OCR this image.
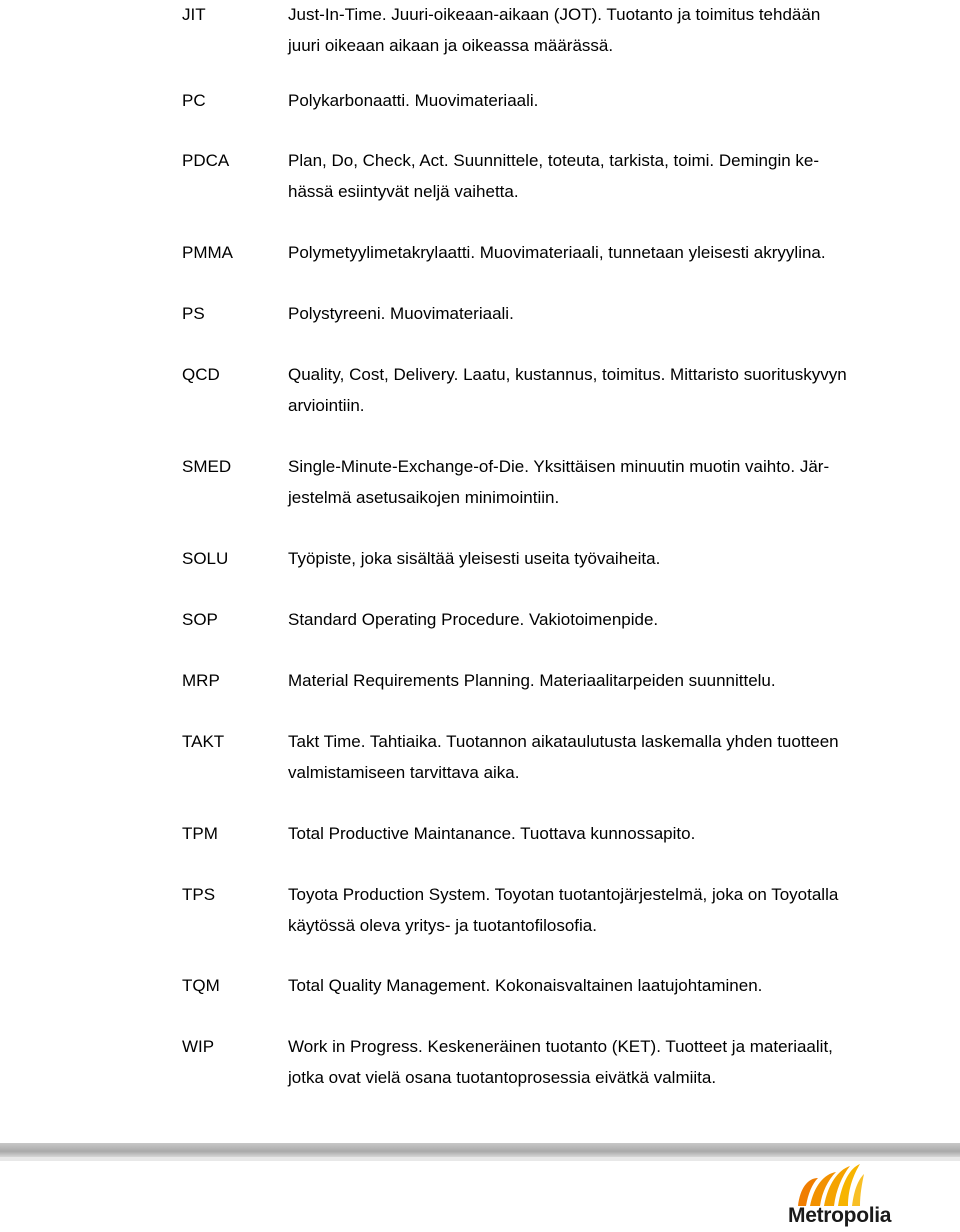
JIT	Just-In-Time. Juuri-oikeaan-aikaan (JOT). Tuotanto ja toimitus tehdään
juuri oikeaan aikaan ja oikeassa määrässä.
PC	Polykarbonaatti. Muovimateriaali.
PDCA	Plan, Do, Check, Act. Suunnittele, toteuta, tarkista, toimi. Demingin ke-
hässä esiintyvät neljä vaihetta.
PMMA	Polymetyylimetakrylaatti. Muovimateriaali, tunnetaan yleisesti akryylina.
PS	Polystyreeni. Muovimateriaali.
QCD	Quality, Cost, Delivery. Laatu, kustannus, toimitus. Mittaristo suorituskyvyn
arviointiin.
SMED	Single-Minute-Exchange-of-Die. Yksittäisen minuutin muotin vaihto. Jär-
jestelmä asetusaikojen minimointiin.
SOLU	Työpiste, joka sisältää yleisesti useita työvaiheita.
SOP	Standard Operating Procedure. Vakiotoimenpide.
MRP	Material Requirements Planning. Materiaalitarpeiden suunnittelu.
TAKT	Takt Time. Tahtiaika. Tuotannon aikataulutusta laskemalla yhden tuotteen
valmistamiseen tarvittava aika.
TPM	Total Productive Maintanance. Tuottava kunnossapito.
TPS	Toyota Production System. Toyotan tuotantojärjestelmä, joka on Toyotalla
käytössä oleva yritys- ja tuotantofilosofia.
TQM	Total Quality Management. Kokonaisvaltainen laatujohtaminen.
WIP	Work in Progress. Keskeneräinen tuotanto (KET). Tuotteet ja materiaalit,
jotka ovat vielä osana tuotantoprosessia eivätkä valmiita.
Metropolia
